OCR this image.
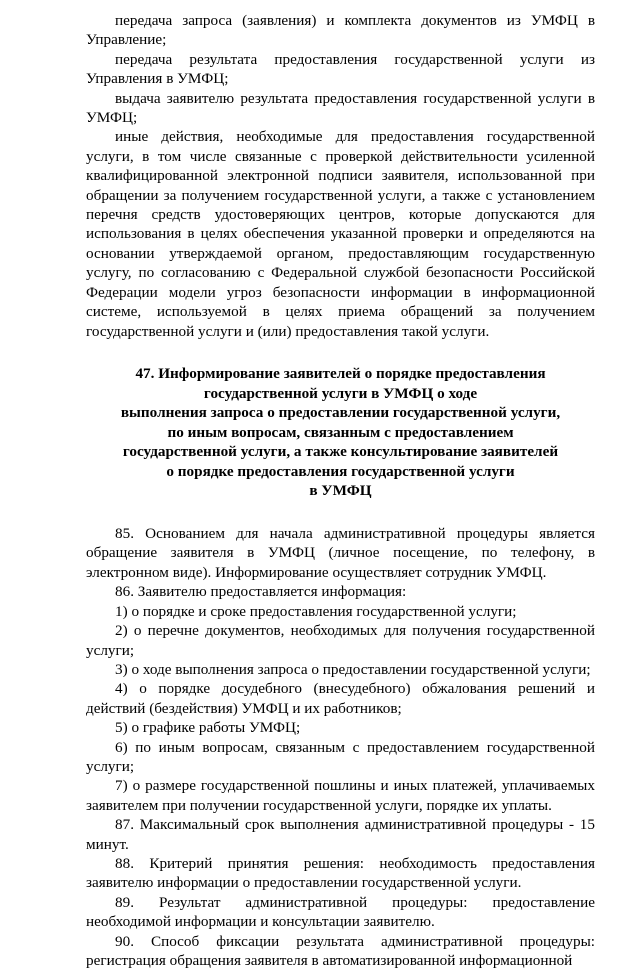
передача запроса (заявления) и комплекта документов из УМФЦ в Управление;

передача результата предоставления государственной услуги из Управления в УМФЦ;

выдача заявителю результата предоставления государственной услуги в УМФЦ;

иные действия, необходимые для предоставления государственной услуги, в том числе связанные с проверкой действительности усиленной квалифицированной электронной подписи заявителя, использованной при обращении за получением государственной услуги, а также с установлением перечня средств удостоверяющих центров, которые допускаются для использования в целях обеспечения указанной проверки и определяются на основании утверждаемой органом, предоставляющим государственную услугу, по согласованию с Федеральной службой безопасности Российской Федерации модели угроз безопасности информации в информационной системе, используемой в целях приема обращений за получением государственной услуги и (или) предоставления такой услуги.

47. Информирование заявителей о порядке предоставления
государственной услуги в УМФЦ о ходе
выполнения запроса о предоставлении государственной услуги,
по иным вопросам, связанным с предоставлением
государственной услуги, а также консультирование заявителей
о порядке предоставления государственной услуги
в УМФЦ

85. Основанием для начала административной процедуры является обращение заявителя в УМФЦ (личное посещение, по телефону, в электронном виде). Информирование осуществляет сотрудник УМФЦ.

86. Заявителю предоставляется информация:

1) о порядке и сроке предоставления государственной услуги;

2) о перечне документов, необходимых для получения государственной услуги;

3) о ходе выполнения запроса о предоставлении государственной услуги;

4) о порядке досудебного (внесудебного) обжалования решений и действий (бездействия) УМФЦ и их работников;

5) о графике работы УМФЦ;

6) по иным вопросам, связанным с предоставлением государственной услуги;

7) о размере государственной пошлины и иных платежей, уплачиваемых заявителем при получении государственной услуги, порядке их уплаты.

87. Максимальный срок выполнения административной процедуры - 15 минут.

88. Критерий принятия решения: необходимость предоставления заявителю информации о предоставлении государственной услуги.

89. Результат административной процедуры: предоставление необходимой информации и консультации заявителю.

90. Способ фиксации результата административной процедуры: регистрация обращения заявителя в автоматизированной информационной
